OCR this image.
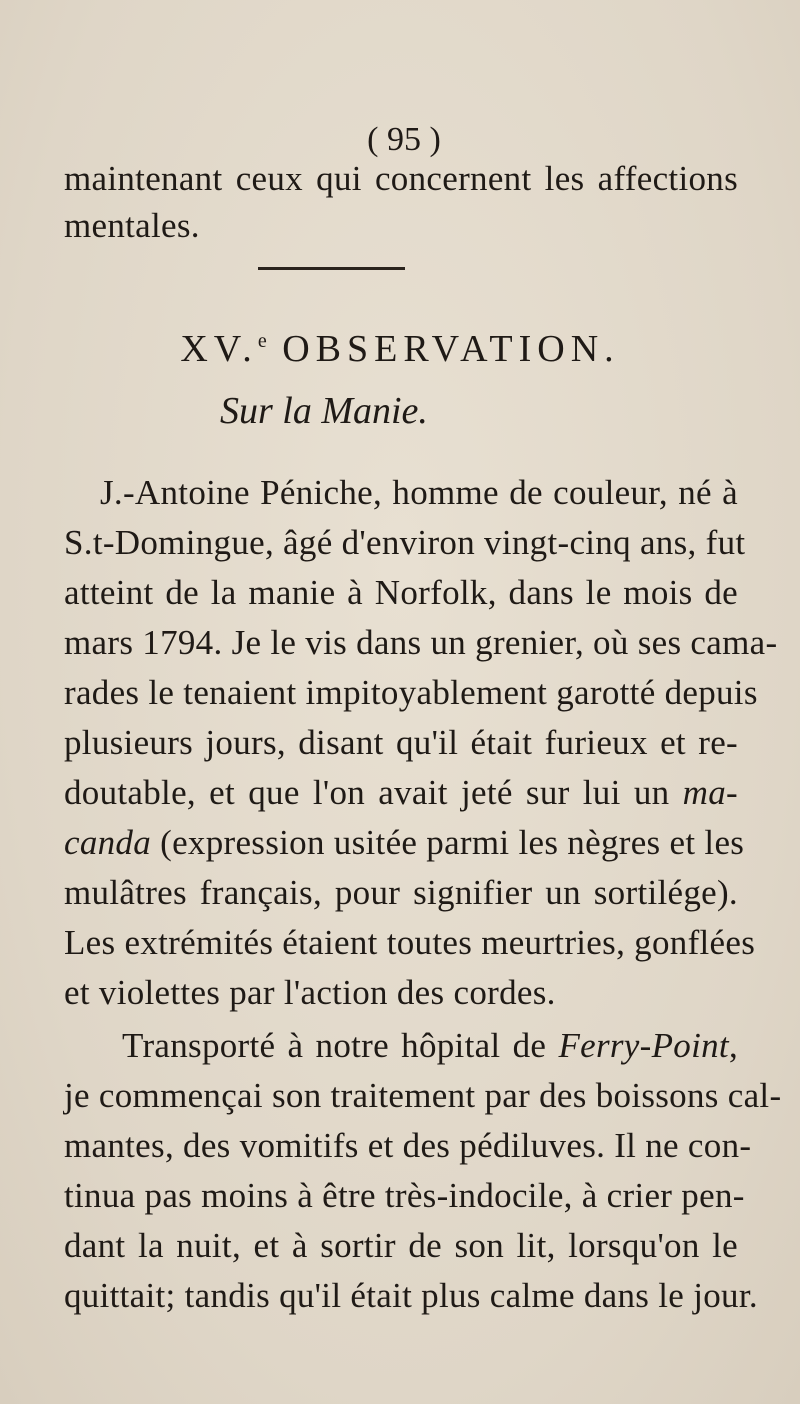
( 95 )
maintenant ceux qui concernent les affections
mentales.
XV.$^e$ OBSERVATION.
Sur la Manie.
J.-Antoine Péniche, homme de couleur, né à
S.t-Domingue, âgé d'environ vingt-cinq ans, fut
atteint de la manie à Norfolk, dans le mois de
mars 1794. Je le vis dans un grenier, où ses cama-
rades le tenaient impitoyablement garotté depuis
plusieurs jours, disant qu'il était furieux et re-
doutable, et que l'on avait jeté sur lui un ma-
canda (expression usitée parmi les nègres et les
mulâtres français, pour signifier un sortilége).
Les extrémités étaient toutes meurtries, gonflées
et violettes par l'action des cordes.
Transporté à notre hôpital de Ferry-Point,
je commençai son traitement par des boissons cal-
mantes, des vomitifs et des pédiluves. Il ne con-
tinua pas moins à être très-indocile, à crier pen-
dant la nuit, et à sortir de son lit, lorsqu'on le
quittait; tandis qu'il était plus calme dans le jour.
